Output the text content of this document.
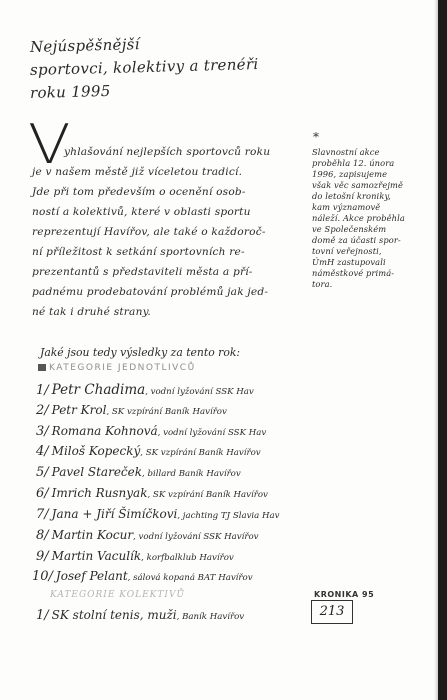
Nejúspěšnější
sportovci, kolektivy a trenéři
roku 1995
V
yhlašování nejlepších sportovců roku
je v našem městě již víceletou tradicí.
Jde při tom především o ocenění osob-
ností a kolektivů, které v oblasti sportu
reprezentují Havířov, ale také o každoroč-
ní příležitost k setkání sportovních re-
prezentantů s představiteli města a pří-
padnému prodebatování problémů jak jed-
né tak i druhé strany.
*
Slavnostní akce
proběhla 12. února
1996, zapisujeme
však věc samozřejmě
do letošní kroniky,
kam významově
náleží. Akce proběhla
ve Společenském
domě za účasti spor-
tovní veřejnosti,
ÚmH zastupovali
náměstkové primá-
tora.
Jaké jsou tedy výsledky za tento rok:
KATEGORIE JEDNOTLIVCŮ
1/ Petr Chadima, vodní lyžování SSK Hav
2/ Petr Krol, SK vzpírání Baník Havířov
3/ Romana Kohnová, vodní lyžování SSK Hav
4/ Miloš Kopecký, SK vzpírání Baník Havířov
5/ Pavel Stareček, billard Baník Havířov
6/ Imrich Rusnyak, SK vzpírání Baník Havířov
7/ Jana + Jiří Šimíčkovi, jachting TJ Slavia Hav
8/ Martin Kocur, vodní lyžování SSK Havířov
9/ Martin Vaculík, korfbalklub Havířov
10/ Josef Pelant, sálová kopaná BAT Havířov
KATEGORIE KOLEKTIVŮ
1/ SK stolní tenis, muži, Baník Havířov
KRONIKA 95
213
